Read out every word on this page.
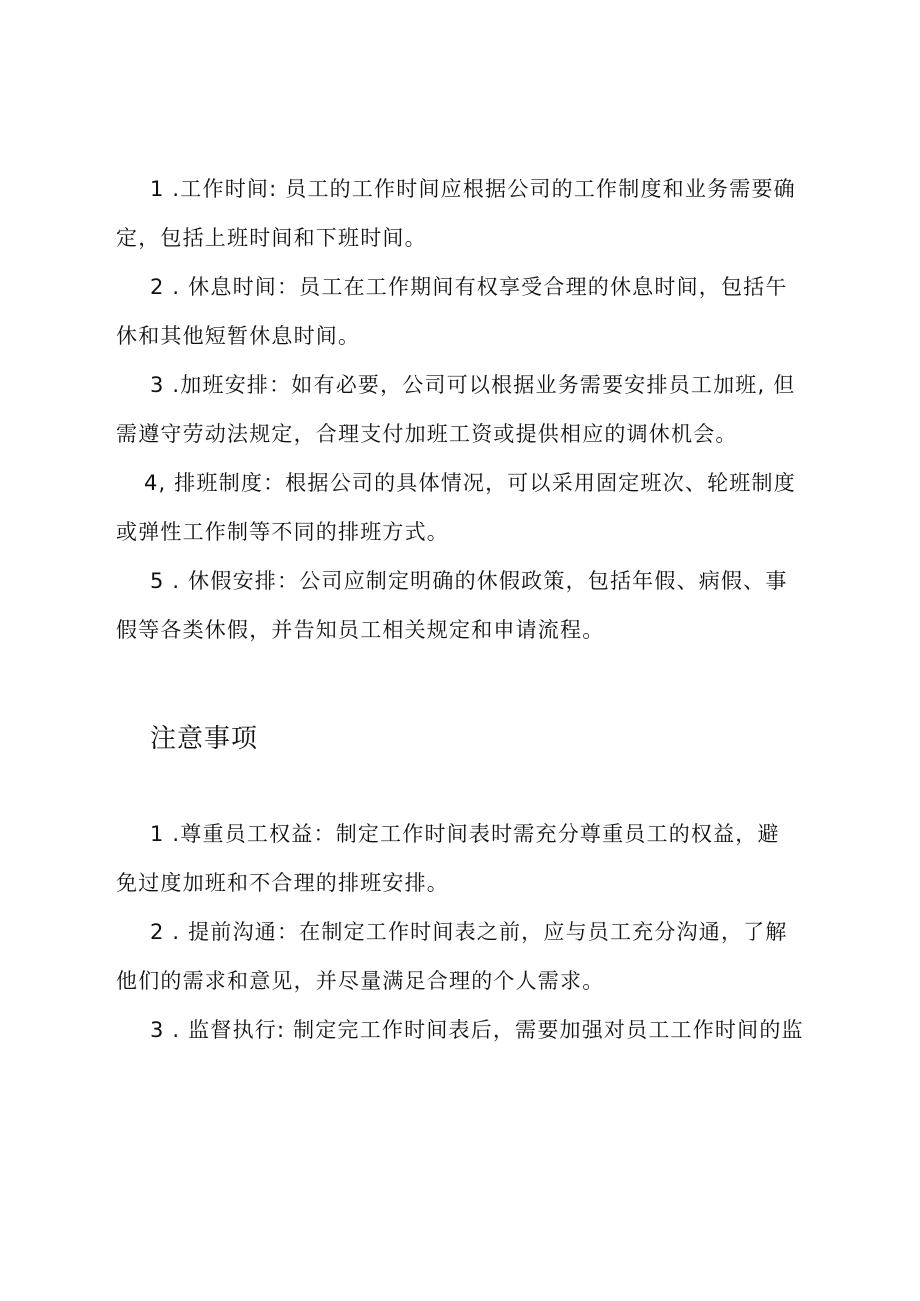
1 .工作时间: 员工的工作时间应根据公司的工作制度和业务需要确
定，包括上班时间和下班时间。
2 . 休息时间：员工在工作期间有权享受合理的休息时间，包括午
休和其他短暂休息时间。
3 .加班安排：如有必要，公司可以根据业务需要安排员工加班, 但
需遵守劳动法规定，合理支付加班工资或提供相应的调休机会。
4, 排班制度：根据公司的具体情况，可以采用固定班次、轮班制度
或弹性工作制等不同的排班方式。
5 . 休假安排：公司应制定明确的休假政策，包括年假、病假、事
假等各类休假，并告知员工相关规定和申请流程。
注意事项
1 .尊重员工权益：制定工作时间表时需充分尊重员工的权益，避
免过度加班和不合理的排班安排。
2 . 提前沟通：在制定工作时间表之前，应与员工充分沟通，了解
他们的需求和意见，并尽量满足合理的个人需求。
3 . 监督执行: 制定完工作时间表后，需要加强对员工工作时间的监
